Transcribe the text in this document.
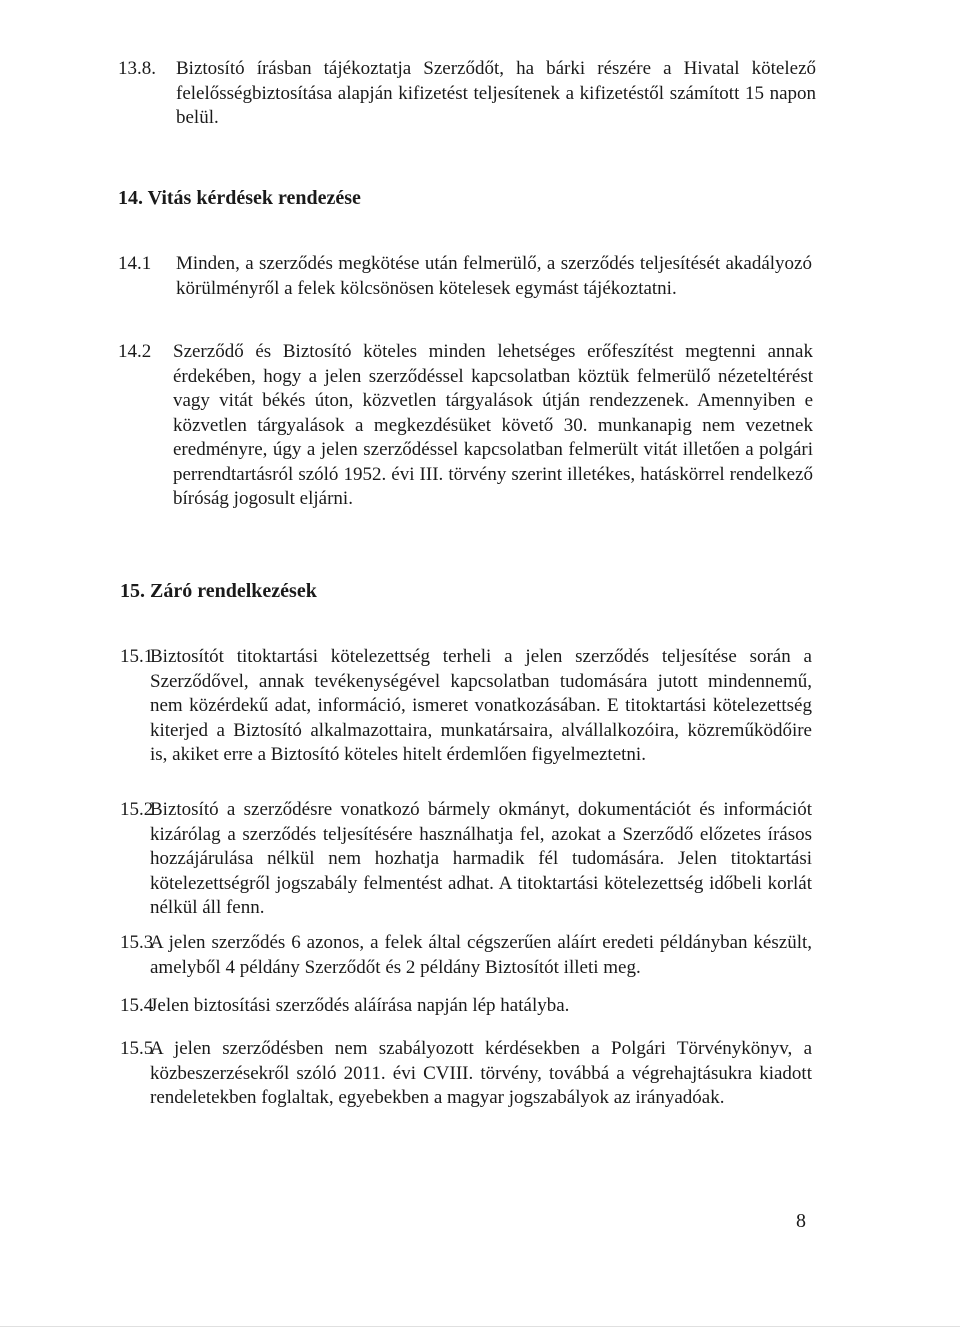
13.8. Biztosító írásban tájékoztatja Szerződőt, ha bárki részére a Hivatal kötelező felelősségbiztosítása alapján kifizetést teljesítenek a kifizetéstől számított 15 napon belül.
14. Vitás kérdések rendezése
14.1 Minden, a szerződés megkötése után felmerülő, a szerződés teljesítését akadályozó körülményről a felek kölcsönösen kötelesek egymást tájékoztatni.
14.2 Szerződő és Biztosító köteles minden lehetséges erőfeszítést megtenni annak érdekében, hogy a jelen szerződéssel kapcsolatban köztük felmerülő nézeteltérést vagy vitát békés úton, közvetlen tárgyalások útján rendezzenek. Amennyiben e közvetlen tárgyalások a megkezdésüket követő 30. munkanapig nem vezetnek eredményre, úgy a jelen szerződéssel kapcsolatban felmerült vitát illetően a polgári perrendtartásról szóló 1952. évi III. törvény szerint illetékes, hatáskörrel rendelkező bíróság jogosult eljárni.
15. Záró rendelkezések
15.1
Biztosítót titoktartási kötelezettség terheli a jelen szerződés teljesítése során a Szerződővel, annak tevékenységével kapcsolatban tudomására jutott mindennemű, nem közérdekű adat, információ, ismeret vonatkozásában. E titoktartási kötelezettség kiterjed a Biztosító alkalmazottaira, munkatársaira, alvállalkozóira, közreműködőire is, akiket erre a Biztosító köteles hitelt érdemlően figyelmeztetni.
15.2
Biztosító a szerződésre vonatkozó bármely okmányt, dokumentációt és információt kizárólag a szerződés teljesítésére használhatja fel, azokat a Szerződő előzetes írásos hozzájárulása nélkül nem hozhatja harmadik fél tudomására. Jelen titoktartási kötelezettségről jogszabály felmentést adhat. A titoktartási kötelezettség időbeli korlát nélkül áll fenn.
15.3
A jelen szerződés 6 azonos, a felek által cégszerűen aláírt eredeti példányban készült, amelyből 4 példány Szerződőt és 2 példány Biztosítót illeti meg.
15.4
Jelen biztosítási szerződés aláírása napján lép hatályba.
15.5
A jelen szerződésben nem szabályozott kérdésekben a Polgári Törvénykönyv, a közbeszerzésekről szóló 2011. évi CVIII. törvény, továbbá a végrehajtásukra kiadott rendeletekben foglaltak, egyebekben a magyar jogszabályok az irányadóak.
8
